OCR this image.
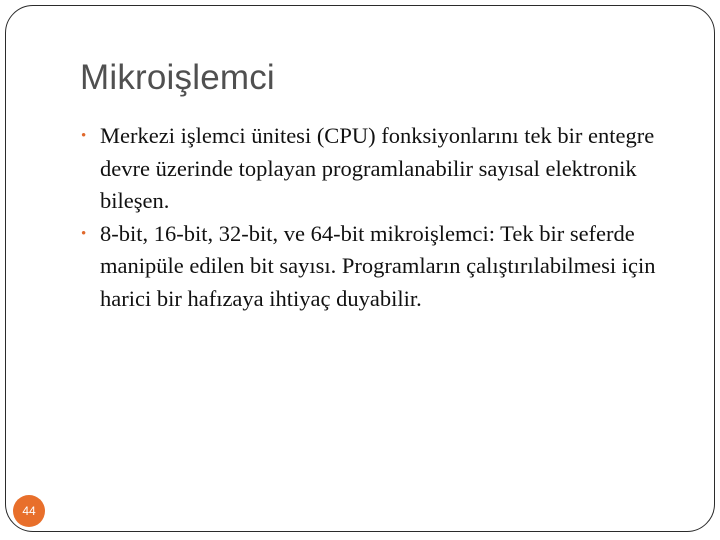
Mikroişlemci
• Merkezi işlemci ünitesi (CPU) fonksiyonlarını tek bir entegre devre üzerinde toplayan programlanabilir sayısal elektronik bileşen.
• 8-bit, 16-bit, 32-bit, ve 64-bit mikroişlemci: Tek bir seferde manipüle edilen bit sayısı. Programların çalıştırılabilmesi için harici bir hafızaya ihtiyaç duyabilir.
44
